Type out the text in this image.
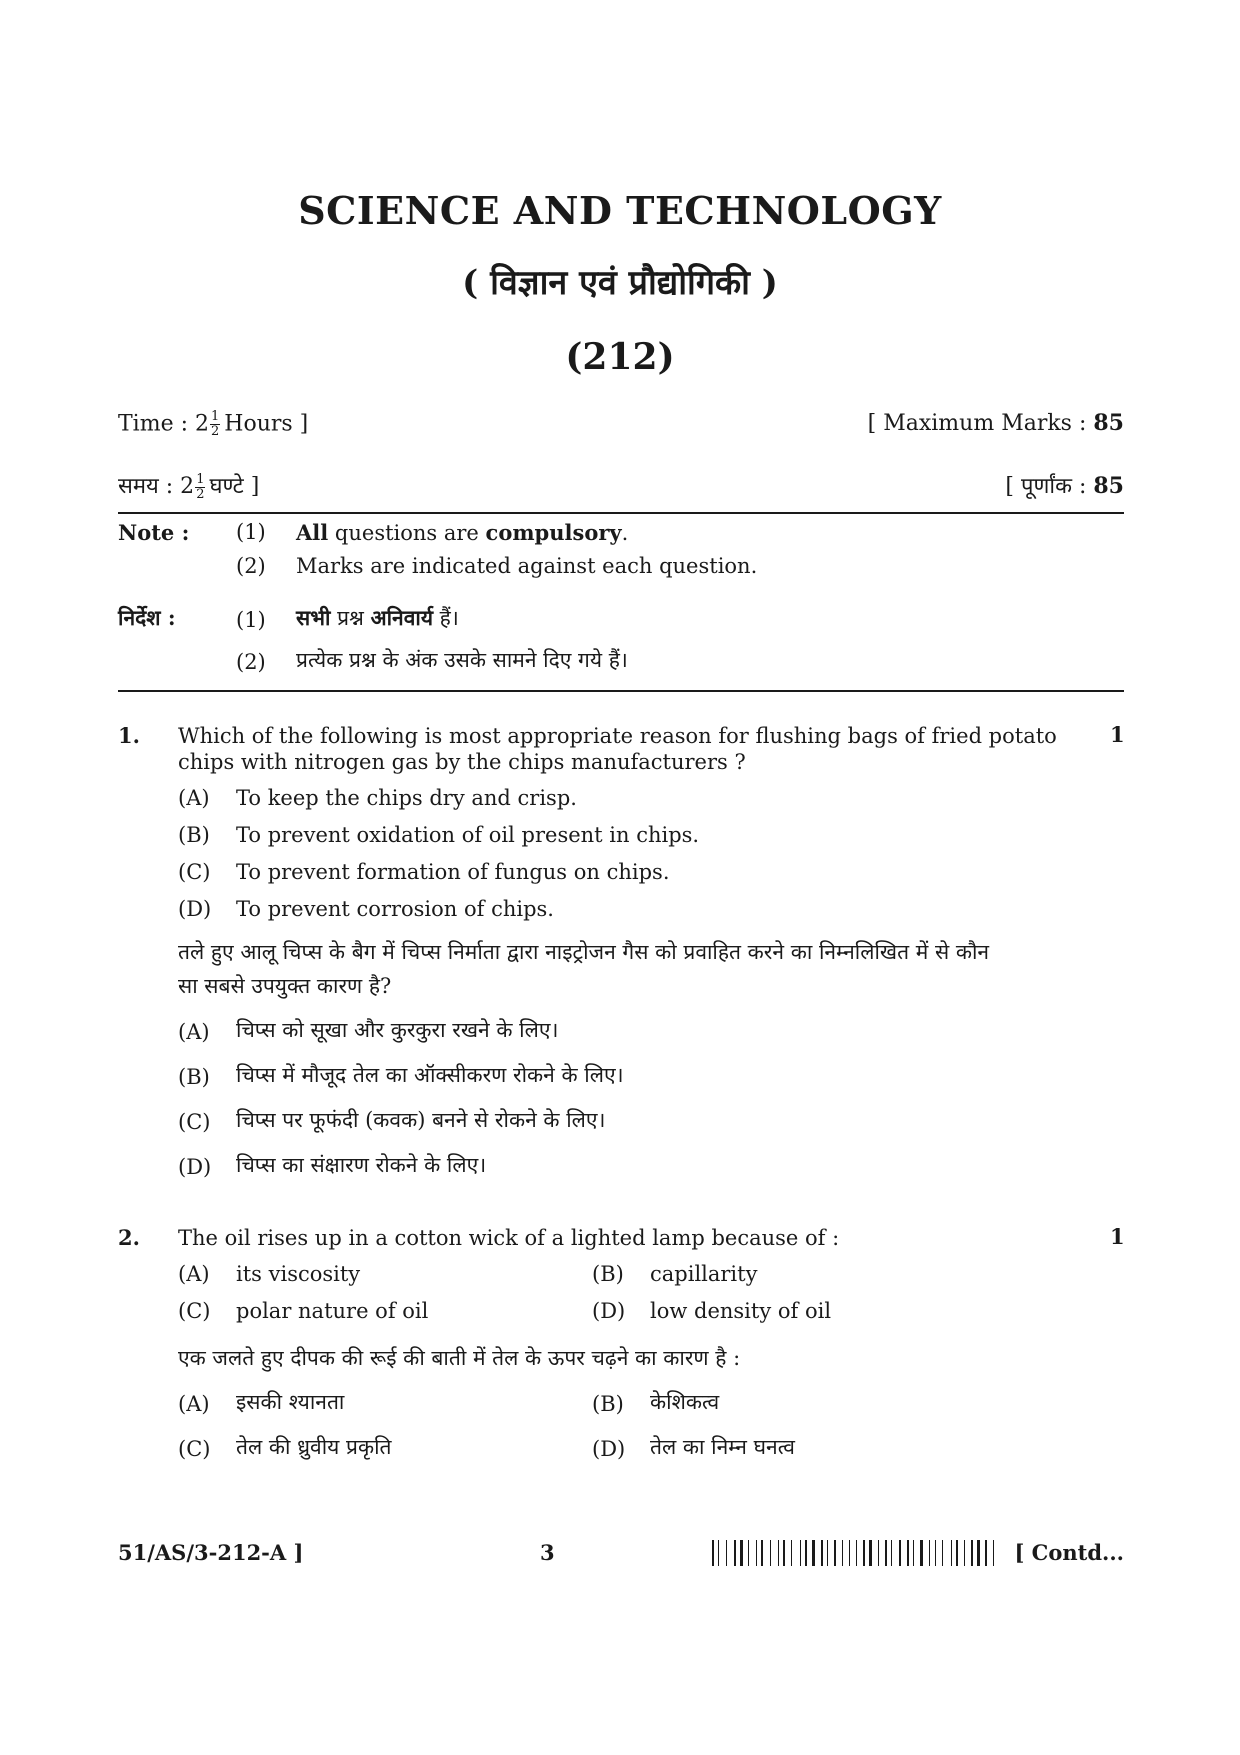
SCIENCE AND TECHNOLOGY
( विज्ञान एवं प्रौद्योगिकी )
(212)
Time : $2 \frac{1}{2}$ Hours ]	[ Maximum Marks : 85
समय : $2 \frac{1}{2}$ घण्टे ]	[ पूर्णांक : 85
Note : (1) All questions are compulsory.
(2) Marks are indicated against each question.
निर्देश :	(1) सभी प्रश्न अनिवार्य हैं।
(2) प्रत्येक प्रश्न के अंक उसके सामने दिए गये हैं।
1. Which of the following is most appropriate reason for flushing bags of fried potato
chips with nitrogen gas by the chips manufacturers ?
1
(A) To keep the chips dry and crisp.
(B) To prevent oxidation of oil present in chips.
(C) To prevent formation of fungus on chips.
(D) To prevent corrosion of chips.
तले हुए आलू चिप्स के बैग में चिप्स निर्माता द्वारा नाइट्रोजन गैस को प्रवाहित करने का निम्नलिखित में से कौन
सा सबसे उपयुक्त कारण है?
(A) चिप्स को सूखा और कुरकुरा रखने के लिए।
(B) चिप्स में मौजूद तेल का ऑक्सीकरण रोकने के लिए।
(C) चिप्स पर फूफंदी (कवक) बनने से रोकने के लिए।
(D) चिप्स का संक्षारण रोकने के लिए।
2. The oil rises up in a cotton wick of a lighted lamp because of :	1
(A) its viscosity	(B) capillarity
(C) polar nature of oil	(D) low density of oil
एक जलते हुए दीपक की रूई की बाती में तेल के ऊपर चढ़ने का कारण है :
(A) इसकी श्यानता	(B) केशिकत्व
(C) तेल की ध्रुवीय प्रकृति	(D) तेल का निम्न घनत्व
51/AS/3-212-A ]	3	[ Contd...
